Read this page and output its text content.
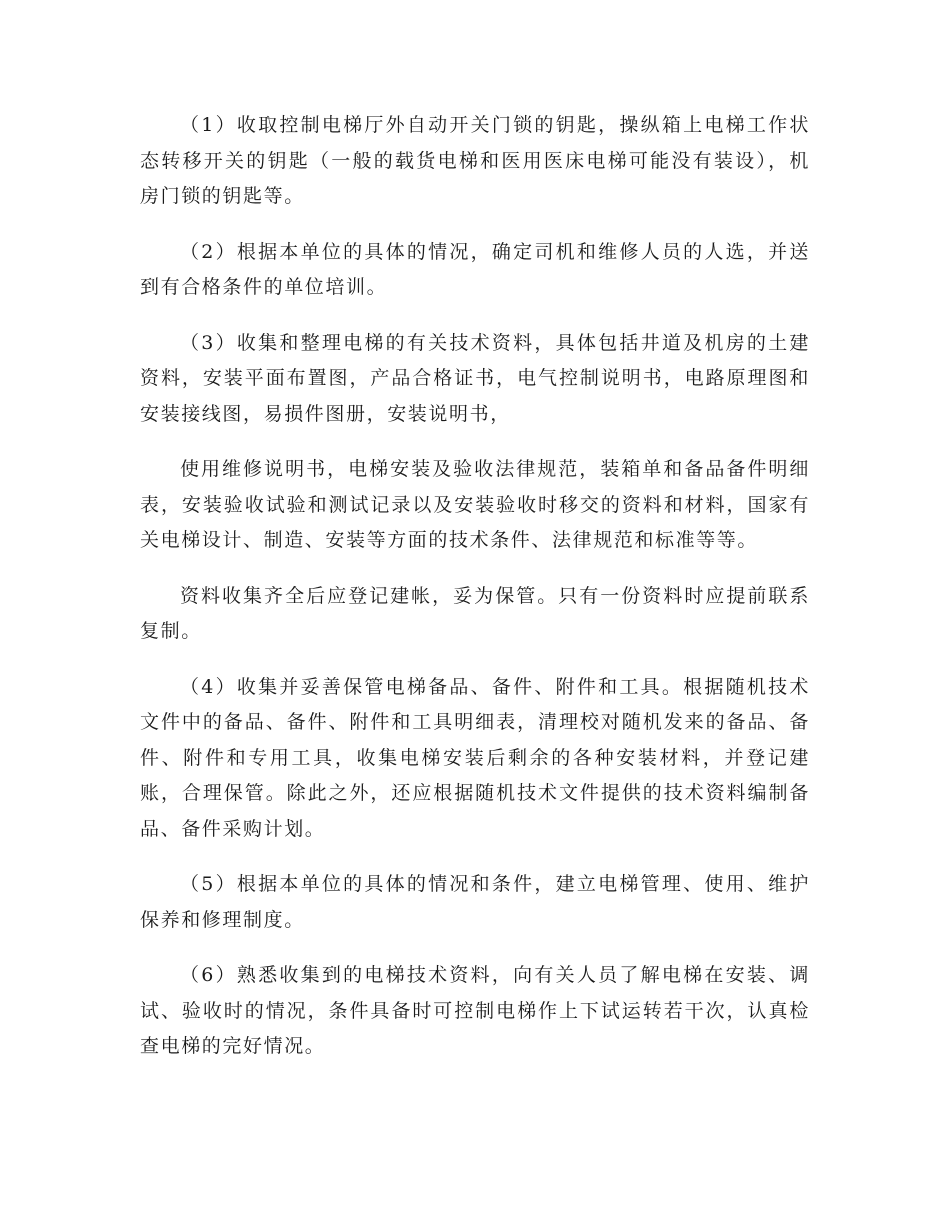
（1）收取控制电梯厅外自动开关门锁的钥匙，操纵箱上电梯工作状态转移开关的钥匙（一般的载货电梯和医用医床电梯可能没有装设），机房门锁的钥匙等。

（2）根据本单位的具体的情况，确定司机和维修人员的人选，并送到有合格条件的单位培训。

（3）收集和整理电梯的有关技术资料，具体包括井道及机房的土建资料，安装平面布置图，产品合格证书，电气控制说明书，电路原理图和安装接线图，易损件图册，安装说明书，

使用维修说明书，电梯安装及验收法律规范，装箱单和备品备件明细表，安装验收试验和测试记录以及安装验收时移交的资料和材料，国家有关电梯设计、制造、安装等方面的技术条件、法律规范和标准等等。

资料收集齐全后应登记建帐，妥为保管。只有一份资料时应提前联系复制。

（4）收集并妥善保管电梯备品、备件、附件和工具。根据随机技术文件中的备品、备件、附件和工具明细表，清理校对随机发来的备品、备件、附件和专用工具，收集电梯安装后剩余的各种安装材料，并登记建账，合理保管。除此之外，还应根据随机技术文件提供的技术资料编制备品、备件采购计划。

（5）根据本单位的具体的情况和条件，建立电梯管理、使用、维护保养和修理制度。

（6）熟悉收集到的电梯技术资料，向有关人员了解电梯在安装、调试、验收时的情况，条件具备时可控制电梯作上下试运转若干次，认真检查电梯的完好情况。
